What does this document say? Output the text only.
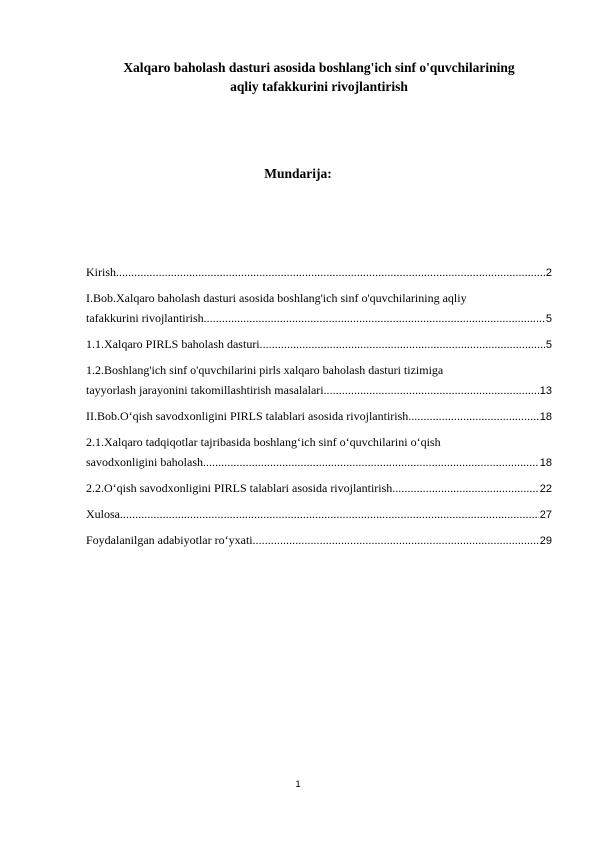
Xalqaro baholash dasturi asosida boshlang'ich sinf o'quvchilarining
aqliy tafakkurini rivojlantirish
Mundarija:
Kirish .....	2
I.Bob.Xalqaro baholash dasturi asosida boshlang'ich sinf o'quvchilarining aqliy
tafakkurini rivojlantirish .....	5
1.1.Xalqaro PIRLS baholash dasturi .....	5
1.2.Boshlang'ich sinf o'quvchilarini pirls xalqaro baholash dasturi tizimiga
tayyorlash jarayonini takomillashtirish masalalari .....	13
II.Bob.O‘qish savodxonligini PIRLS talablari asosida rivojlantirish .....	18
2.1.Xalqaro tadqiqotlar tajribasida boshlang‘ich sinf o‘quvchilarini o‘qish
savodxonligini baholash .....	18
2.2.O‘qish savodxonligini PIRLS talablari asosida rivojlantirish .....	22
Xulosa .....	27
Foydalanilgan adabiyotlar ro‘yxati .....	29
1
